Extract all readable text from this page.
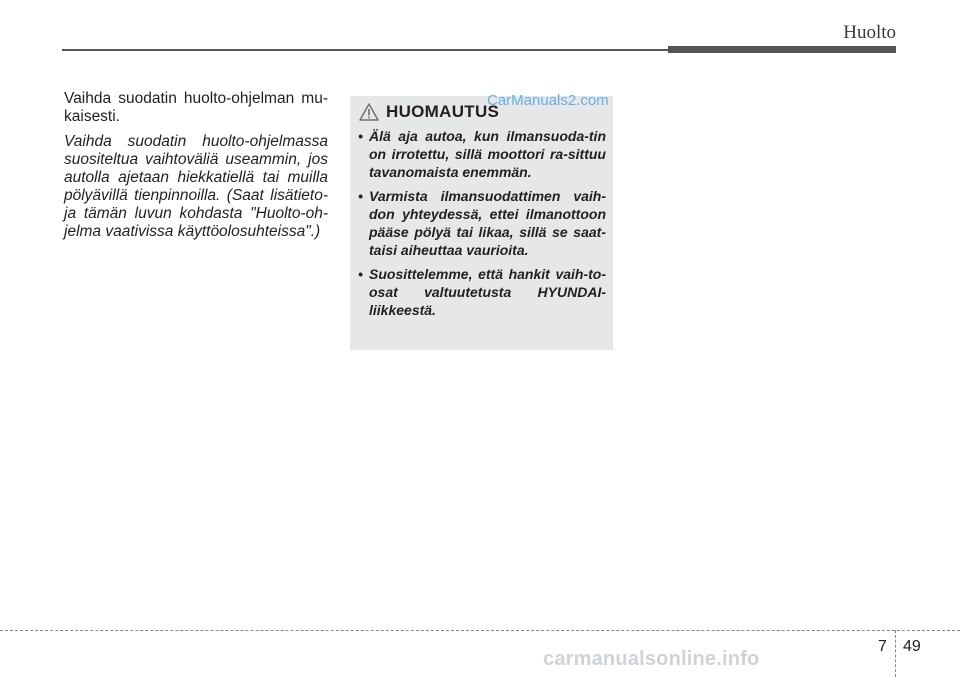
Huolto

Vaihda suodatin huolto-ohjelman mu-kaisesti.

Vaihda suodatin huolto-ohjelmassa suositeltua vaihtoväliä useammin, jos autolla ajetaan hiekkatiellä tai muilla pölyävillä tienpinnoilla. (Saat lisätieto-ja tämän luvun kohdasta "Huolto-oh-jelma vaativissa käyttöolosuhteissa".)

HUOMAUTUS
• Älä aja autoa, kun ilmansuoda-tin on irrotettu, sillä moottori ra-sittuu tavanomaista enemmän.
• Varmista ilmansuodattimen vaih-don yhteydessä, ettei ilmanottoon pääse pölyä tai likaa, sillä se saat-taisi aiheuttaa vaurioita.
• Suosittelemme, että hankit vaih-to-osat valtuutetusta HYUNDAI-liikkeestä.
CarManuals2.com
7 49
carmanualsonline.info
